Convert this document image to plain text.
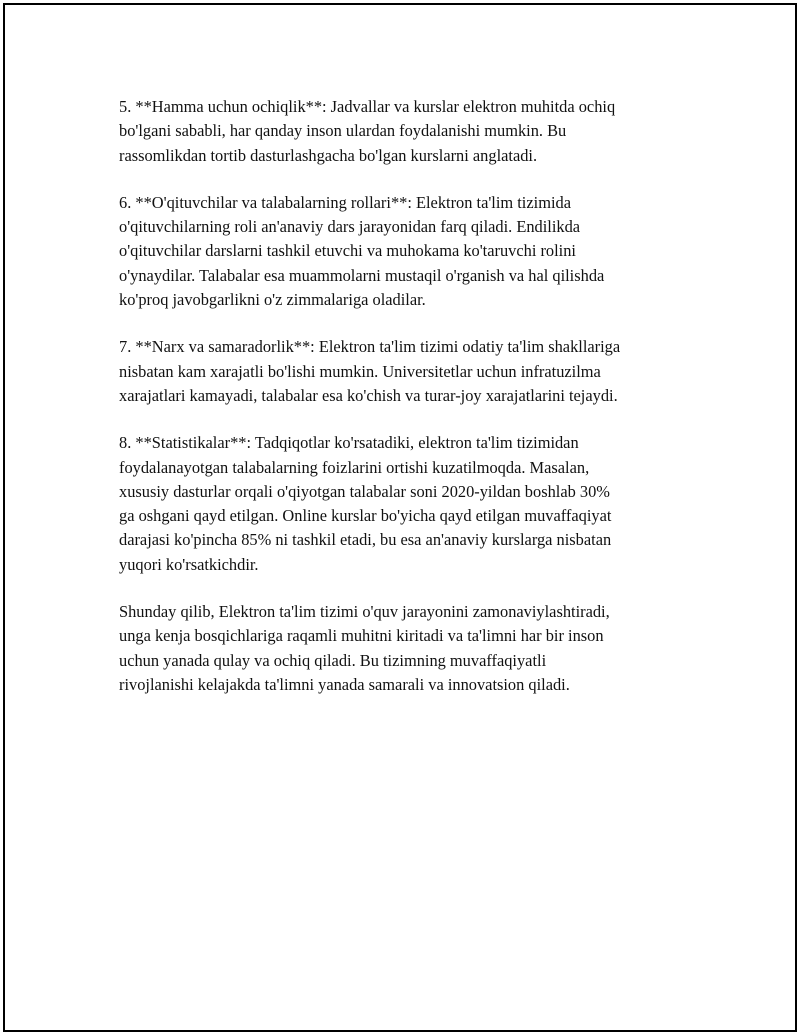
5. **Hamma uchun ochiqlik**: Jadvallar va kurslar elektron muhitda ochiq
bo'lgani sababli, har qanday inson ulardan foydalanishi mumkin. Bu
rassomlikdan tortib dasturlashgacha bo'lgan kurslarni anglatadi.

6. **O'qituvchilar va talabalarning rollari**: Elektron ta'lim tizimida
o'qituvchilarning roli an'anaviy dars jarayonidan farq qiladi. Endilikda
o'qituvchilar darslarni tashkil etuvchi va muhokama ko'taruvchi rolini
o'ynaydilar. Talabalar esa muammolarni mustaqil o'rganish va hal qilishda
ko'proq javobgarlikni o'z zimmalariga oladilar.

7. **Narx va samaradorlik**: Elektron ta'lim tizimi odatiy ta'lim shakllariga
nisbatan kam xarajatli bo'lishi mumkin. Universitetlar uchun infratuzilma
xarajatlari kamayadi, talabalar esa ko'chish va turar-joy xarajatlarini tejaydi.

8. **Statistikalar**: Tadqiqotlar ko'rsatadiki, elektron ta'lim tizimidan
foydalanayotgan talabalarning foizlarini ortishi kuzatilmoqda. Masalan,
xususiy dasturlar orqali o'qiyotgan talabalar soni 2020-yildan boshlab 30%
ga oshgani qayd etilgan. Online kurslar bo'yicha qayd etilgan muvaffaqiyat
darajasi ko'pincha 85% ni tashkil etadi, bu esa an'anaviy kurslarga nisbatan
yuqori ko'rsatkichdir.

Shunday qilib, Elektron ta'lim tizimi o'quv jarayonini zamonaviylashtiradi,
unga kenja bosqichlariga raqamli muhitni kiritadi va ta'limni har bir inson
uchun yanada qulay va ochiq qiladi. Bu tizimning muvaffaqiyatli
rivojlanishi kelajakda ta'limni yanada samarali va innovatsion qiladi.
